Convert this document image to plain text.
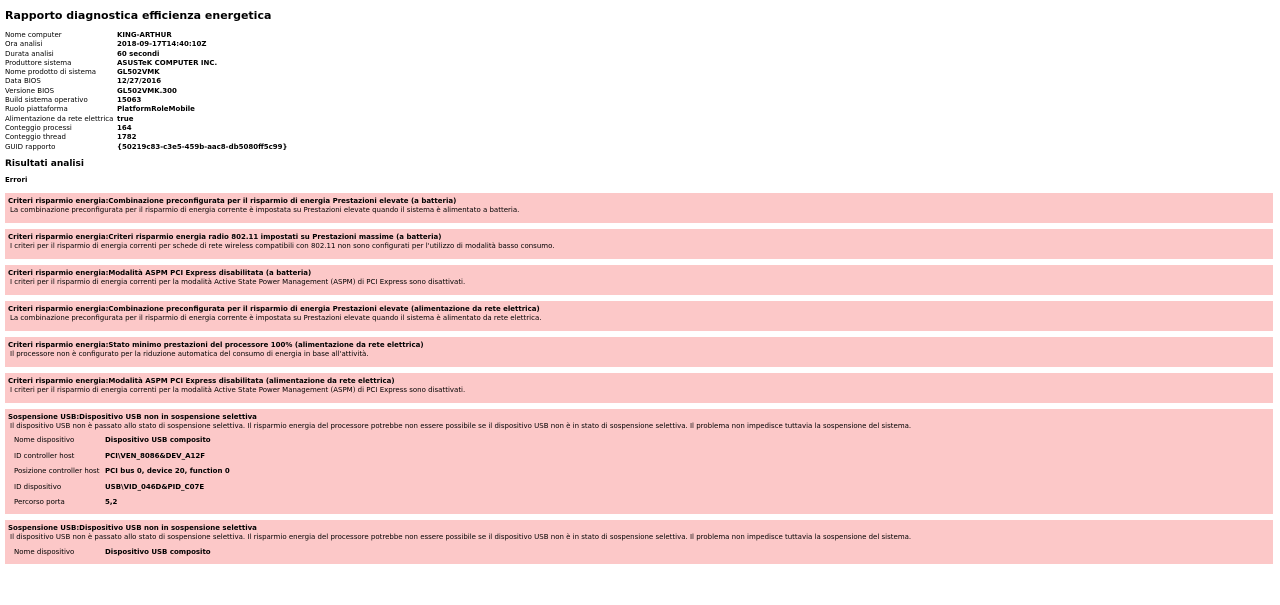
Rapporto diagnostica efficienza energetica
Nome computer	KING-ARTHUR
Ora analisi	2018-09-17T14:40:10Z
Durata analisi	60 secondi
Produttore sistema	ASUSTeK COMPUTER INC.
Nome prodotto di sistema	GL502VMK
Data BIOS	12/27/2016
Versione BIOS	GL502VMK.300
Build sistema operativo	15063
Ruolo piattaforma	PlatformRoleMobile
Alimentazione da rete elettrica	true
Conteggio processi	164
Conteggio thread	1782
GUID rapporto	{50219c83-c3e5-459b-aac8-db5080ff5c99}
Risultati analisi
Errori
Criteri risparmio energia:Combinazione preconfigurata per il risparmio di energia Prestazioni elevate (a batteria)
La combinazione preconfigurata per il risparmio di energia corrente è impostata su Prestazioni elevate quando il sistema è alimentato a batteria.
Criteri risparmio energia:Criteri risparmio energia radio 802.11 impostati su Prestazioni massime (a batteria)
I criteri per il risparmio di energia correnti per schede di rete wireless compatibili con 802.11 non sono configurati per l'utilizzo di modalità basso consumo.
Criteri risparmio energia:Modalità ASPM PCI Express disabilitata (a batteria)
I criteri per il risparmio di energia correnti per la modalità Active State Power Management (ASPM) di PCI Express sono disattivati.
Criteri risparmio energia:Combinazione preconfigurata per il risparmio di energia Prestazioni elevate (alimentazione da rete elettrica)
La combinazione preconfigurata per il risparmio di energia corrente è impostata su Prestazioni elevate quando il sistema è alimentato da rete elettrica.
Criteri risparmio energia:Stato minimo prestazioni del processore 100% (alimentazione da rete elettrica)
Il processore non è configurato per la riduzione automatica del consumo di energia in base all'attività.
Criteri risparmio energia:Modalità ASPM PCI Express disabilitata (alimentazione da rete elettrica)
I criteri per il risparmio di energia correnti per la modalità Active State Power Management (ASPM) di PCI Express sono disattivati.
Sospensione USB:Dispositivo USB non in sospensione selettiva
Il dispositivo USB non è passato allo stato di sospensione selettiva. Il risparmio energia del processore potrebbe non essere possibile se il dispositivo USB non è in stato di sospensione selettiva. Il problema non impedisce tuttavia la sospensione del sistema.
Nome dispositivo	Dispositivo USB composito
ID controller host	PCI\VEN_8086&DEV_A12F
Posizione controller host	PCI bus 0, device 20, function 0
ID dispositivo	USB\VID_046D&PID_C07E
Percorso porta	5,2
Sospensione USB:Dispositivo USB non in sospensione selettiva
Il dispositivo USB non è passato allo stato di sospensione selettiva. Il risparmio energia del processore potrebbe non essere possibile se il dispositivo USB non è in stato di sospensione selettiva. Il problema non impedisce tuttavia la sospensione del sistema.
Nome dispositivo	Dispositivo USB composito
